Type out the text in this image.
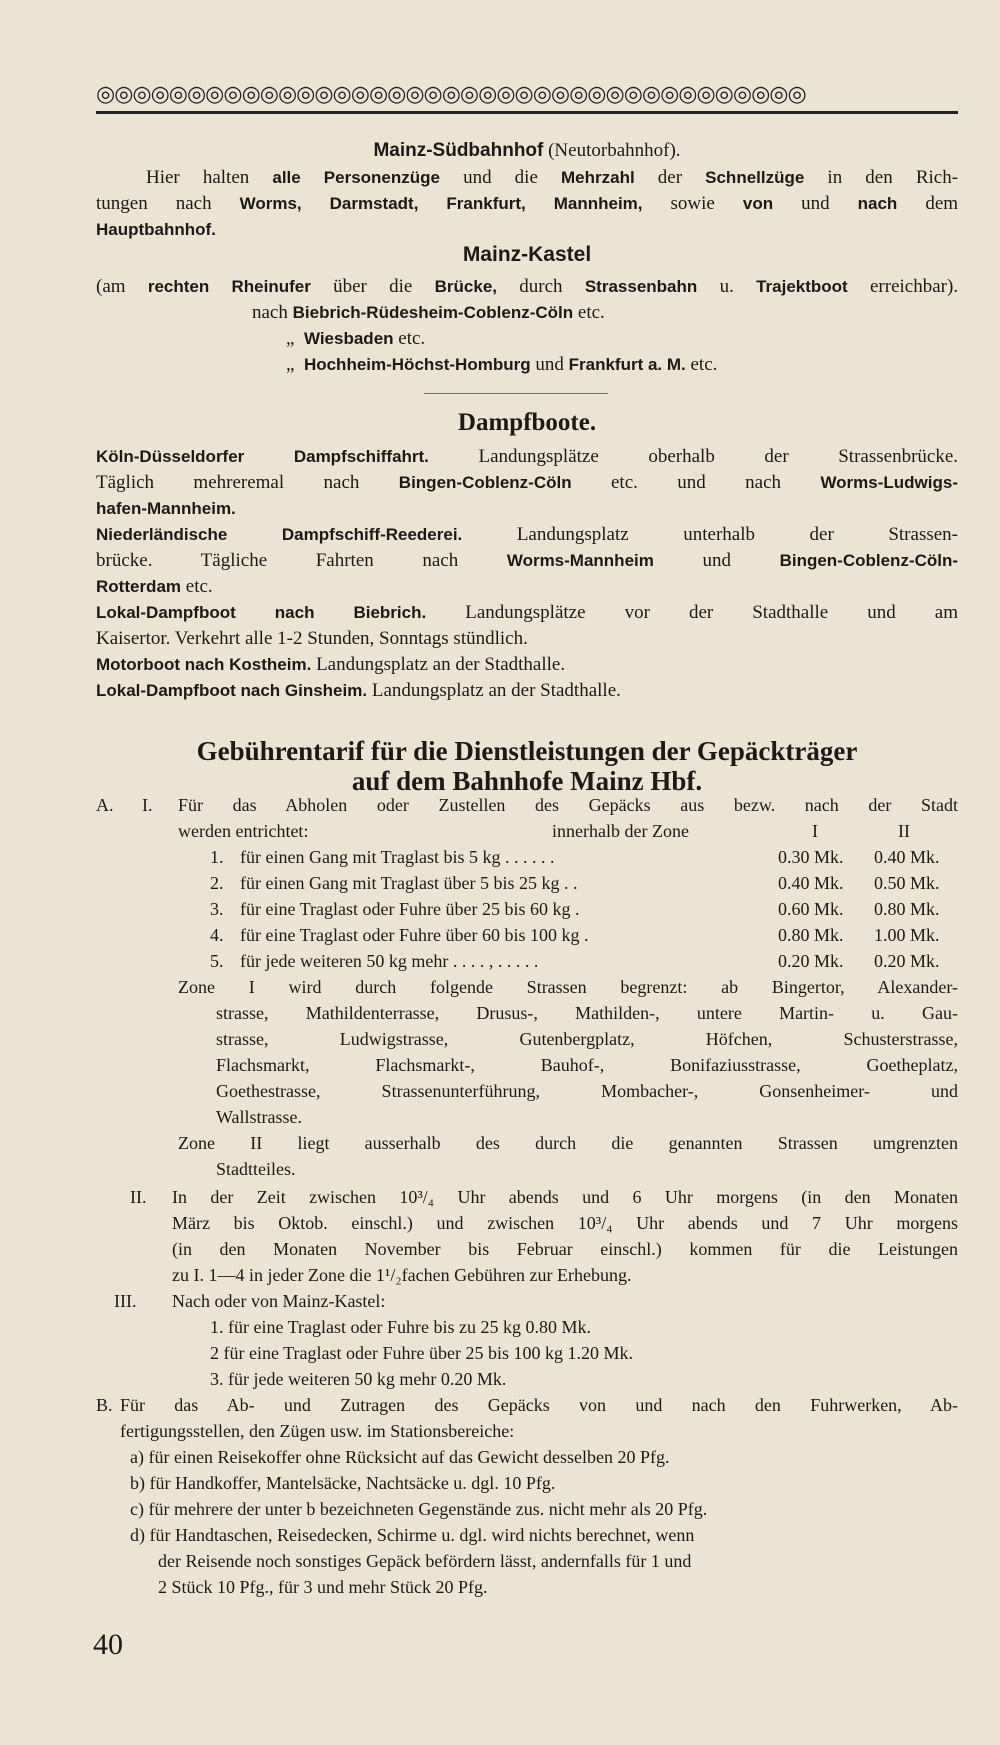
◎◎◎◎◎◎◎◎◎◎◎◎◎◎◎◎◎◎◎◎◎◎◎◎◎◎◎◎◎◎◎◎◎◎◎◎◎◎◎
Mainz-Südbahnhof (Neutorbahnhof).
Hier halten alle Personenzüge und die Mehrzahl der Schnellzüge in den Rich-
tungen nach Worms, Darmstadt, Frankfurt, Mannheim, sowie von und nach dem
Hauptbahnhof.
Mainz-Kastel
(am rechten Rheinufer über die Brücke, durch Strassenbahn u. Trajektboot erreichbar).
nach Biebrich-Rüdesheim-Coblenz-Cöln etc.
„ Wiesbaden etc.
„ Hochheim-Höchst-Homburg und Frankfurt a. M. etc.
Dampfboote.
Köln-Düsseldorfer Dampfschiffahrt.	Landungsplätze oberhalb der Strassenbrücke.
Täglich mehreremal nach Bingen-Coblenz-Cöln etc. und nach Worms-Ludwigs-
hafen-Mannheim.
Niederländische Dampfschiff-Reederei.	Landungsplatz unterhalb der Strassen-
brücke. Tägliche Fahrten nach	Worms-Mannheim	und	Bingen-Coblenz-Cöln-
Rotterdam etc.
Lokal-Dampfboot nach Biebrich. Landungsplätze vor der Stadthalle und am
Kaisertor. Verkehrt alle 1-2 Stunden, Sonntags stündlich.
Motorboot nach Kostheim. Landungsplatz an der Stadthalle.
Lokal-Dampfboot nach Ginsheim. Landungsplatz an der Stadthalle.
Gebührentarif für die Dienstleistungen der Gepäckträger
auf dem Bahnhofe Mainz Hbf.
A. I. Für das Abholen oder Zustellen des Gepäcks aus bezw. nach der Stadt
werden entrichtet:	innerhalb der Zone	I	II
1. für einen Gang mit Traglast bis 5 kg . . . . . .	0.30 Mk. 0.40 Mk.
2. für einen Gang mit Traglast über 5 bis 25 kg . .	0.40 Mk. 0.50 Mk.
3. für eine Traglast oder Fuhre über 25 bis 60 kg .	0.60 Mk. 0.80 Mk.
4. für eine Traglast oder Fuhre über 60 bis 100 kg .	0.80 Mk. 1.00 Mk.
5. für jede weiteren 50 kg mehr . . . . , . . . . .	0.20 Mk. 0.20 Mk.
Zone I wird durch folgende Strassen begrenzt: ab Bingertor, Alexander-
strasse, Mathildenterrasse, Drusus-, Mathilden-, untere Martin- u. Gau-
strasse, Ludwigstrasse, Gutenbergplatz, Höfchen, Schusterstrasse,
Flachsmarkt, Flachsmarkt-, Bauhof-, Bonifaziusstrasse, Goetheplatz,
Goethestrasse, Strassenunterführung, Mombacher-, Gonsenheimer- und
Wallstrasse.
Zone II liegt ausserhalb des durch die genannten Strassen umgrenzten
Stadtteiles.
II. In der Zeit zwischen 10³/₄ Uhr abends und 6 Uhr morgens (in den Monaten
März bis Oktob. einschl.) und zwischen 10³/₄ Uhr abends und 7 Uhr morgens
(in den Monaten November bis Februar einschl.) kommen für die Leistungen
zu I. 1—4 in jeder Zone die 1¹/₂fachen Gebühren zur Erhebung.
III. Nach oder von Mainz-Kastel:
1. für eine Traglast oder Fuhre bis zu 25 kg 0.80 Mk.
2 für eine Traglast oder Fuhre über 25 bis 100 kg 1.20 Mk.
3. für jede weiteren 50 kg mehr 0.20 Mk.
B. Für das Ab- und Zutragen des Gepäcks von und nach den Fuhrwerken, Ab-
fertigungsstellen, den Zügen usw. im Stationsbereiche:
a) für einen Reisekoffer ohne Rücksicht auf das Gewicht desselben 20 Pfg.
b) für Handkoffer, Mantelsäcke, Nachtsäcke u. dgl. 10 Pfg.
c) für mehrere der unter b bezeichneten Gegenstände zus. nicht mehr als 20 Pfg.
d) für Handtaschen, Reisedecken, Schirme u. dgl. wird nichts berechnet, wenn
der Reisende noch sonstiges Gepäck befördern lässt, andernfalls für 1 und
2 Stück 10 Pfg., für 3 und mehr Stück 20 Pfg.
40
